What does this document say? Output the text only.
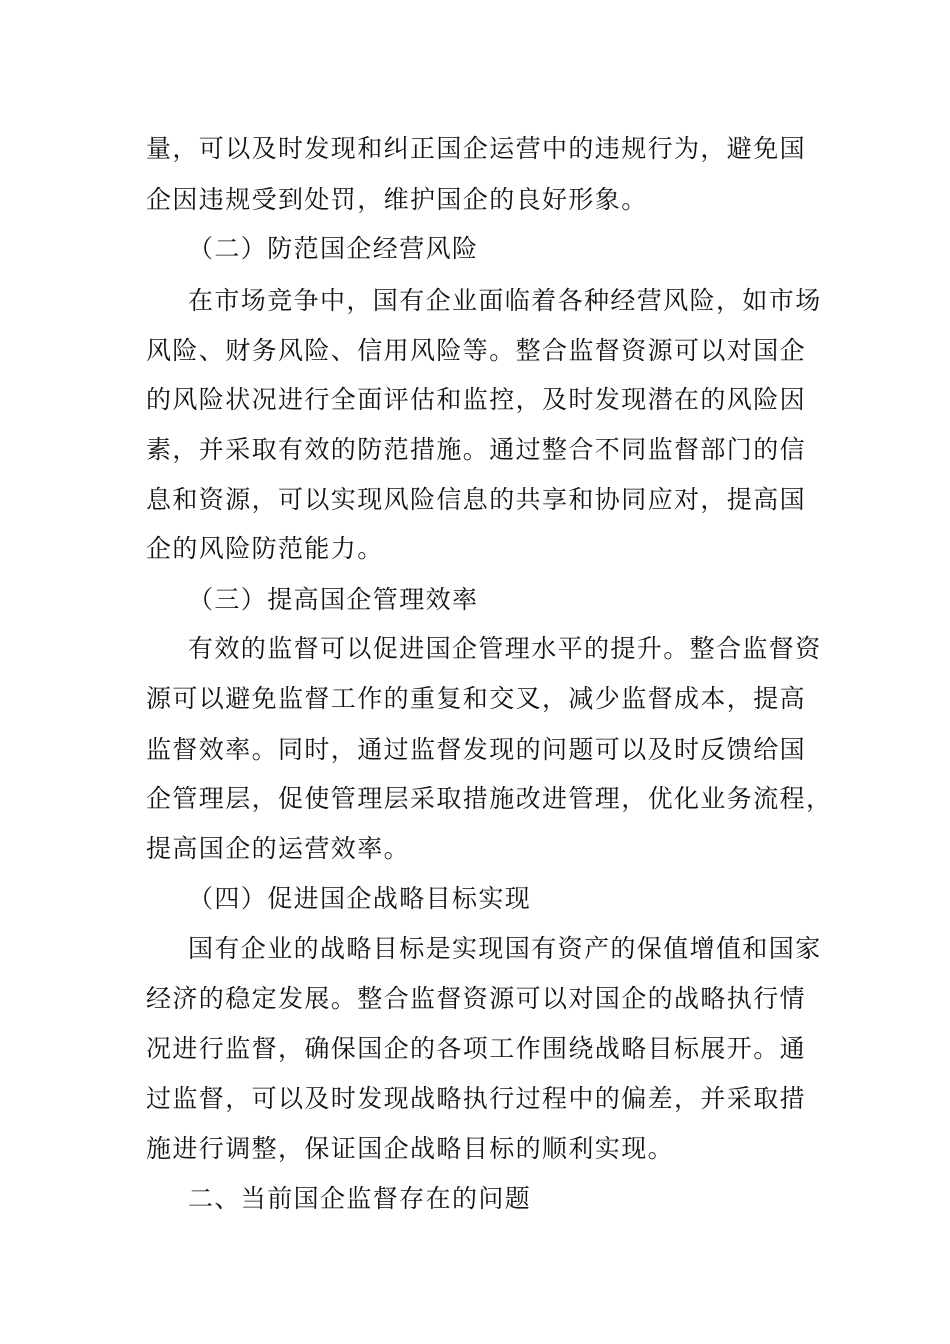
量，可以及时发现和纠正国企运营中的违规行为，避免国
企因违规受到处罚，维护国企的良好形象。
（二）防范国企经营风险
在市场竞争中，国有企业面临着各种经营风险，如市场
风险、财务风险、信用风险等。整合监督资源可以对国企
的风险状况进行全面评估和监控，及时发现潜在的风险因
素，并采取有效的防范措施。通过整合不同监督部门的信
息和资源，可以实现风险信息的共享和协同应对，提高国
企的风险防范能力。
（三）提高国企管理效率
有效的监督可以促进国企管理水平的提升。整合监督资
源可以避免监督工作的重复和交叉，减少监督成本，提高
监督效率。同时，通过监督发现的问题可以及时反馈给国
企管理层，促使管理层采取措施改进管理，优化业务流程，
提高国企的运营效率。
（四）促进国企战略目标实现
国有企业的战略目标是实现国有资产的保值增值和国家
经济的稳定发展。整合监督资源可以对国企的战略执行情
况进行监督，确保国企的各项工作围绕战略目标展开。通
过监督，可以及时发现战略执行过程中的偏差，并采取措
施进行调整，保证国企战略目标的顺利实现。
二、当前国企监督存在的问题
